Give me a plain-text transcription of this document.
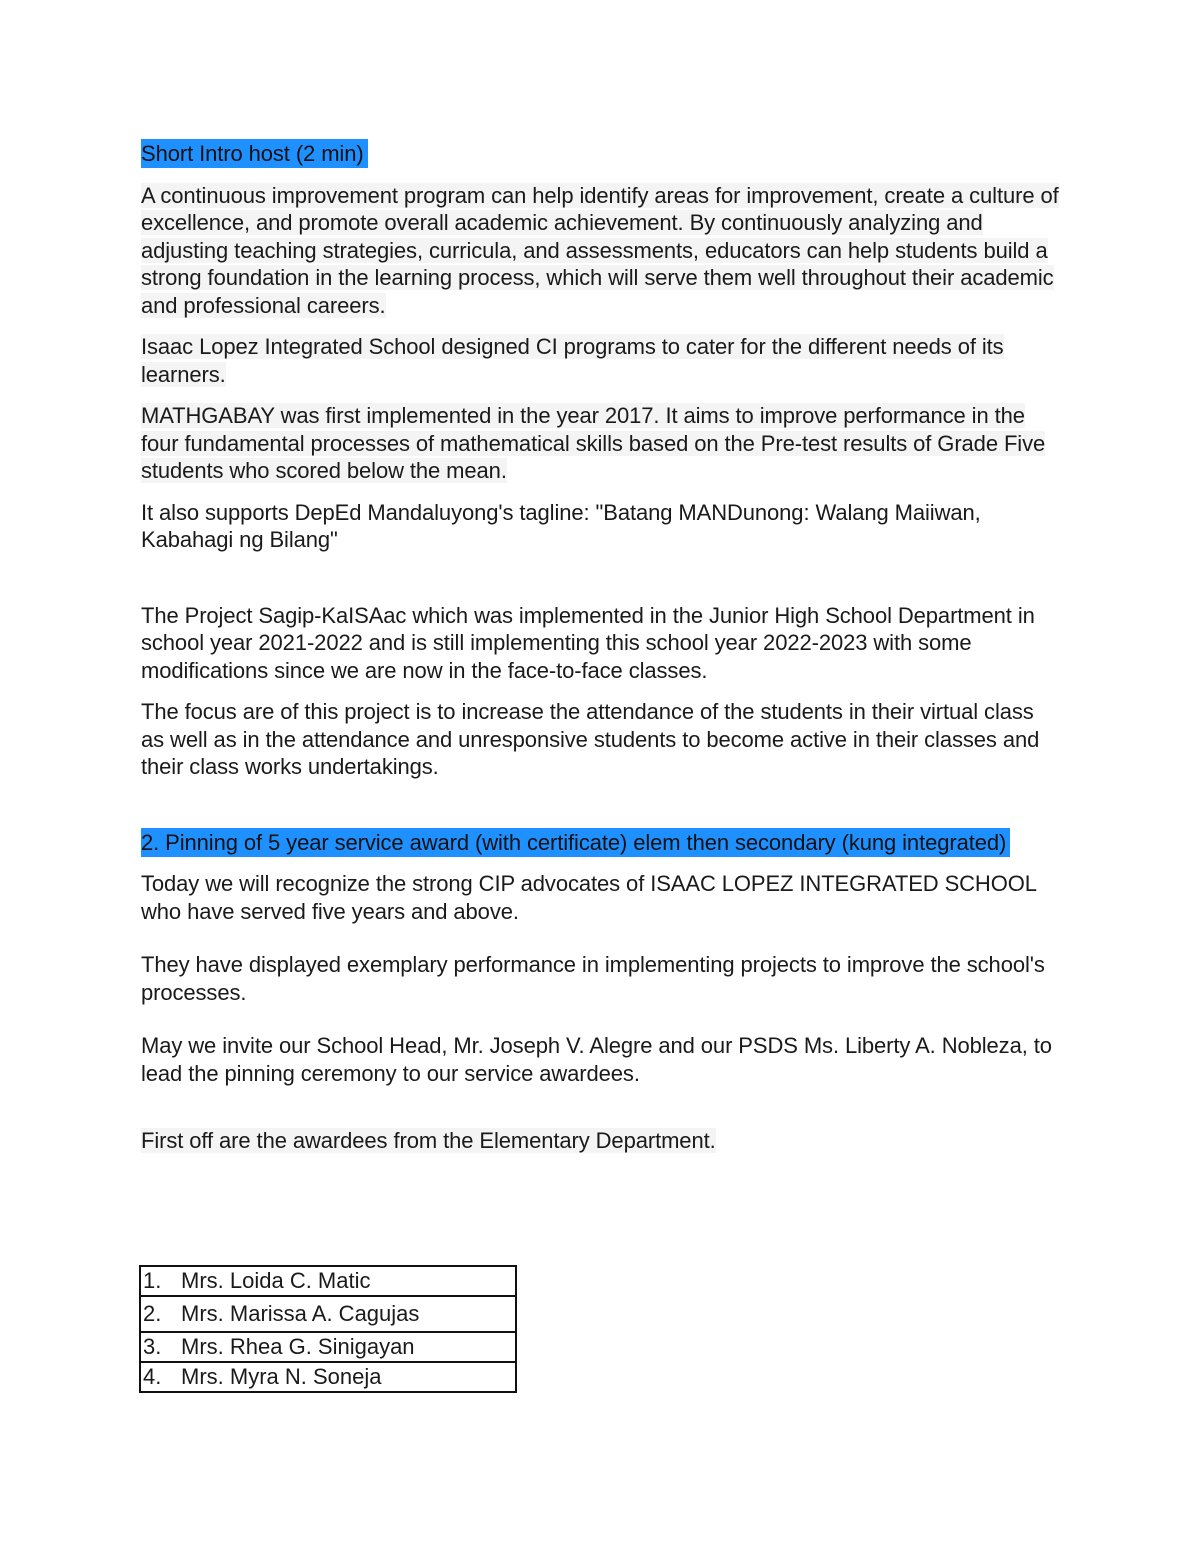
Short Intro host (2 min)

A continuous improvement program can help identify areas for improvement, create a culture of excellence, and promote overall academic achievement. By continuously analyzing and adjusting teaching strategies, curricula, and assessments, educators can help students build a strong foundation in the learning process, which will serve them well throughout their academic and professional careers.

Isaac Lopez Integrated School designed CI programs to cater for the different needs of its learners.

MATHGABAY was first implemented in the year 2017. It aims to improve performance in the four fundamental processes of mathematical skills based on the Pre-test results of Grade Five students who scored below the mean.

It also supports DepEd Mandaluyong's tagline: "Batang MANDunong: Walang Maiiwan, Kabahagi ng Bilang"

The Project Sagip-KaISAac which was implemented in the Junior High School Department in school year 2021-2022 and is still implementing this school year 2022-2023 with some modifications since we are now in the face-to-face classes.

The focus are of this project is to increase the attendance of the students in their virtual class as well as in the attendance and unresponsive students to become active in their classes and their class works undertakings.

2. Pinning of 5 year service award (with certificate) elem then secondary (kung integrated)

Today we will recognize the strong CIP advocates of ISAAC LOPEZ INTEGRATED SCHOOL who have served five years and above.

They have displayed exemplary performance in implementing projects to improve the school's processes.

May we invite our School Head, Mr. Joseph V. Alegre and our PSDS Ms. Liberty A. Nobleza, to lead the pinning ceremony to our service awardees.

First off are the awardees from the Elementary Department.

1. Mrs. Loida C. Matic
2. Mrs. Marissa A. Cagujas
3. Mrs. Rhea G. Sinigayan
4. Mrs. Myra N. Soneja
